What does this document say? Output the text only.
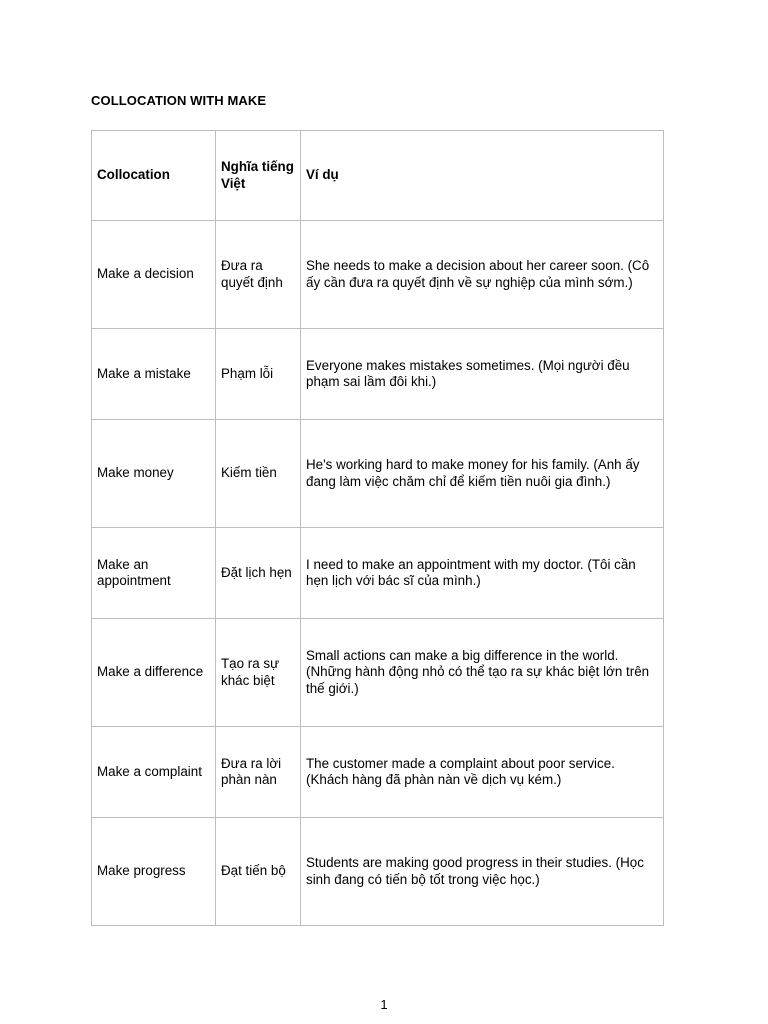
COLLOCATION WITH MAKE
Collocation	Nghĩa tiếng Việt	Ví dụ
Make a decision	Đưa ra quyết định	She needs to make a decision about her career soon. (Cô ấy cần đưa ra quyết định về sự nghiệp của mình sớm.)
Make a mistake	Phạm lỗi	Everyone makes mistakes sometimes. (Mọi người đều phạm sai lầm đôi khi.)
Make money	Kiếm tiền	He's working hard to make money for his family. (Anh ấy đang làm việc chăm chỉ để kiếm tiền nuôi gia đình.)
Make an appointment	Đặt lịch hẹn	I need to make an appointment with my doctor. (Tôi cần hẹn lịch với bác sĩ của mình.)
Make a difference	Tạo ra sự khác biệt	Small actions can make a big difference in the world. (Những hành động nhỏ có thể tạo ra sự khác biệt lớn trên thế giới.)
Make a complaint	Đưa ra lời phàn nàn	The customer made a complaint about poor service. (Khách hàng đã phàn nàn về dịch vụ kém.)
Make progress	Đạt tiến bộ	Students are making good progress in their studies. (Học sinh đang có tiến bộ tốt trong việc học.)
1
